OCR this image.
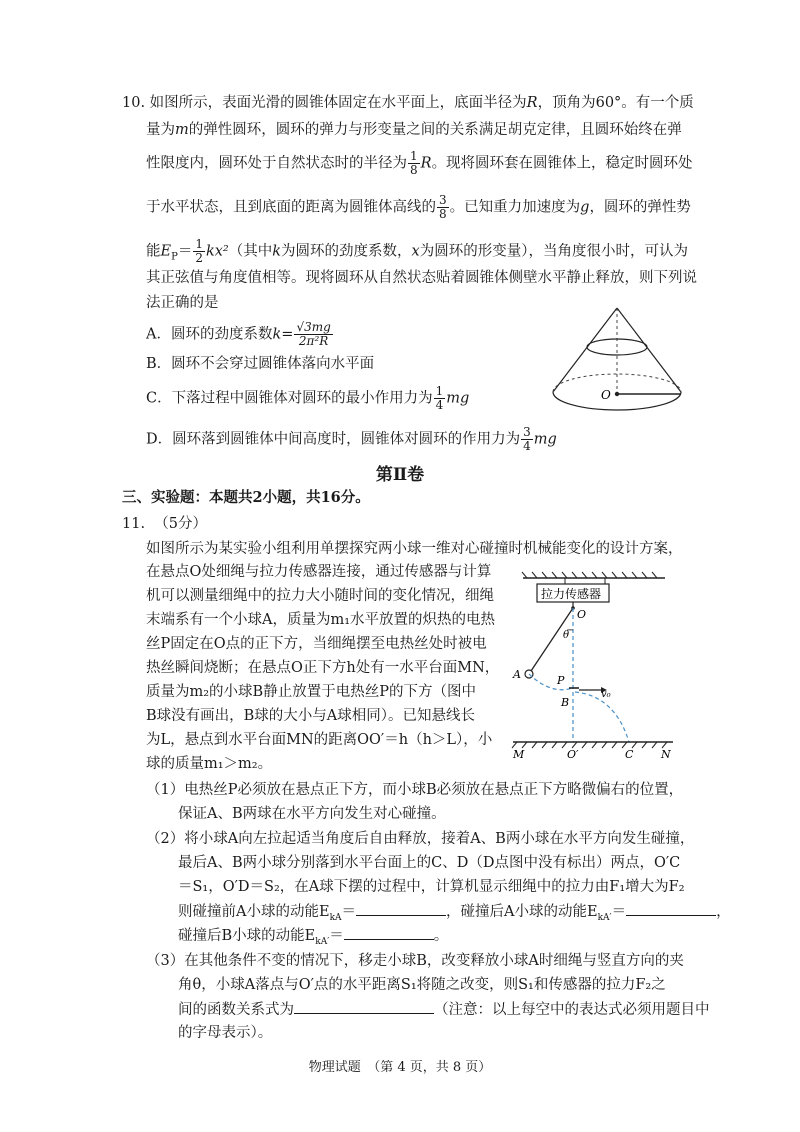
10. 如图所示，表面光滑的圆锥体固定在水平面上，底面半径为R，顶角为60°。有一个质
量为m的弹性圆环，圆环的弹力与形变量之间的关系满足胡克定律，且圆环始终在弹
性限度内，圆环处于自然状态时的半径为 $\frac{1}{8}$ R。现将圆环套在圆锥体上，稳定时圆环处
于水平状态，且到底面的距离为圆锥体高线的 $\frac{3}{8}$ 。已知重力加速度为g，圆环的弹性势
能$E_P= \frac{1}{2} kx^2$（其中k为圆环的劲度系数，x为圆环的形变量），当角度很小时，可认为
其正弦值与角度值相等。现将圆环从自然状态贴着圆锥体侧壁水平静止释放，则下列说
法正确的是
A．圆环的劲度系数$k= \frac{√3mg}{\text{2π²R}}$
B．圆环不会穿过圆锥体落向水平面
C．下落过程中圆锥体对圆环的最小作用力为 $\frac{1}{4}$ mg
D．圆环落到圆锥体中间高度时，圆锥体对圆环的作用力为 $\frac{3}{4}$ mg
O
第Ⅱ卷
三、实验题：本题共2小题，共16分。
11. （5分）
如图所示为某实验小组利用单摆探究两小球一维对心碰撞时机械能变化的设计方案，
在悬点O处细绳与拉力传感器连接，通过传感器与计算
机可以测量细绳中的拉力大小随时间的变化情况，细绳
末端系有一个小球A，质量为m₁水平放置的炽热的电热
丝P固定在O点的正下方，当细绳摆至电热丝处时被电
热丝瞬间烧断；在悬点O正下方h处有一水平台面MN，
质量为m₂的小球B静止放置于电热丝P的下方（图中
B球没有画出，B球的大小与A球相同）。已知悬线长
为L，悬点到水平台面MN的距离OO′＝h（h＞L），小
球的质量m₁＞m₂。
拉力传感器
O
A
θ
P
v₀
B
M	O′	C	N
（1）电热丝P必须放在悬点正下方，而小球B必须放在悬点正下方略微偏右的位置，
保证A、B两球在水平方向发生对心碰撞。
（2）将小球A向左拉起适当角度后自由释放，接着A、B两小球在水平方向发生碰撞，
最后A、B两小球分别落到水平台面上的C、D（D点图中没有标出）两点，O′C
＝S₁，O′D＝S₂，在A球下摆的过程中，计算机显示细绳中的拉力由F₁增大为F₂
则碰撞前A小球的动能$E_{kA}=$	，碰撞后A小球的动能$E_{kA'}=$	，
碰撞后B小球的动能$E_{kA'}=$	。
（3）在其他条件不变的情况下，移走小球B，改变释放小球A时细绳与竖直方向的夹
角θ，小球A落点与O′点的水平距离S₁将随之改变，则S₁和传感器的拉力F₂之
间的函数关系式为	（注意：以上每空中的表达式必须用题目中
的字母表示）。
物理试题　（第 4 页，共 8 页）
